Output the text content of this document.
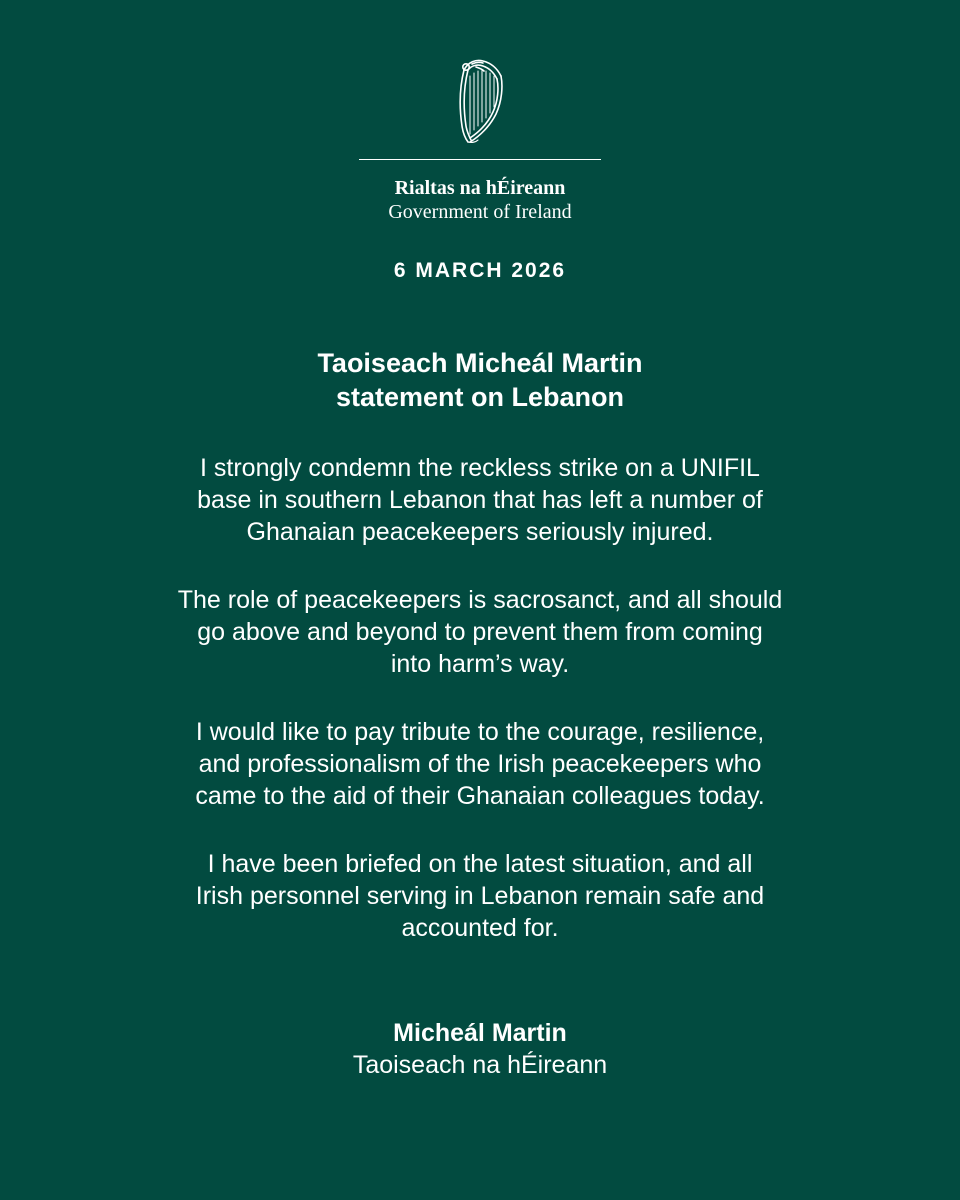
Rialtas na hÉireann
Government of Ireland
6 MARCH 2026
Taoiseach Micheál Martin
statement on Lebanon
I strongly condemn the reckless strike on a UNIFIL
base in southern Lebanon that has left a number of
Ghanaian peacekeepers seriously injured.
The role of peacekeepers is sacrosanct, and all should
go above and beyond to prevent them from coming
into harm’s way.
I would like to pay tribute to the courage, resilience,
and professionalism of the Irish peacekeepers who
came to the aid of their Ghanaian colleagues today.
I have been briefed on the latest situation, and all
Irish personnel serving in Lebanon remain safe and
accounted for.
Micheál Martin
Taoiseach na hÉireann
